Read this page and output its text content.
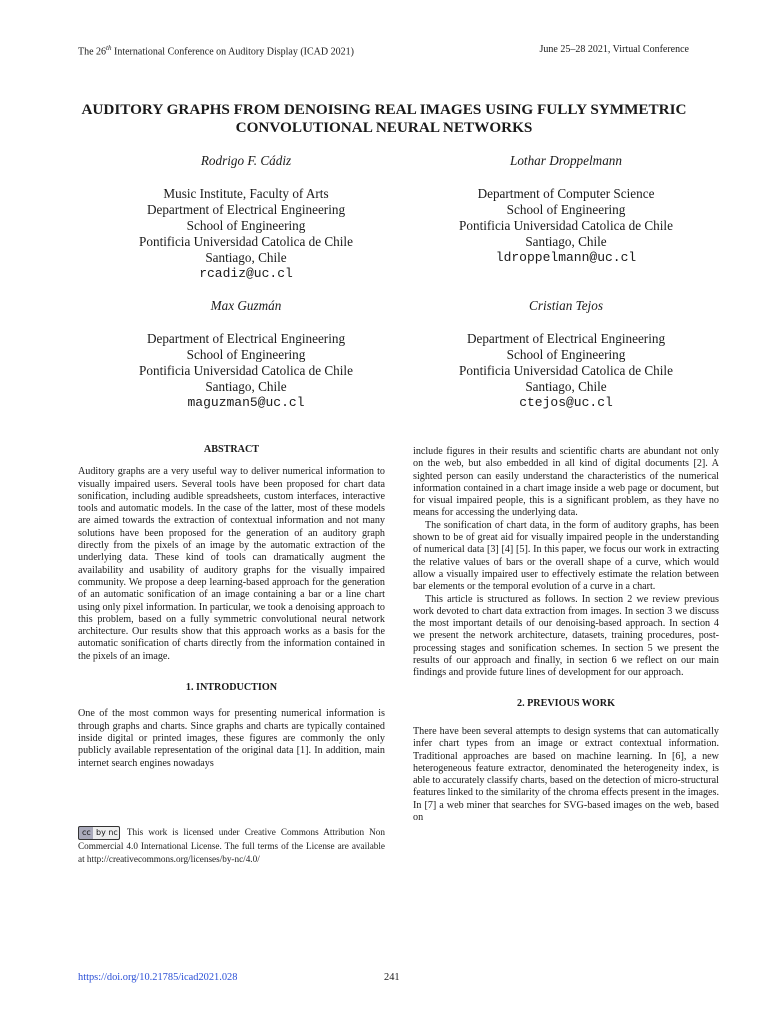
The 26th International Conference on Auditory Display (ICAD 2021)	June 25–28 2021, Virtual Conference
AUDITORY GRAPHS FROM DENOISING REAL IMAGES USING FULLY SYMMETRIC
CONVOLUTIONAL NEURAL NETWORKS
Rodrigo F. Cádiz
Music Institute, Faculty of Arts
Department of Electrical Engineering
School of Engineering
Pontificia Universidad Catolica de Chile
Santiago, Chile
rcadiz@uc.cl
Lothar Droppelmann
Department of Computer Science
School of Engineering
Pontificia Universidad Catolica de Chile
Santiago, Chile
ldroppelmann@uc.cl
Max Guzmán
Department of Electrical Engineering
School of Engineering
Pontificia Universidad Catolica de Chile
Santiago, Chile
maguzman5@uc.cl
Cristian Tejos
Department of Electrical Engineering
School of Engineering
Pontificia Universidad Catolica de Chile
Santiago, Chile
ctejos@uc.cl
ABSTRACT

Auditory graphs are a very useful way to deliver numerical information to visually impaired users. Several tools have been proposed for chart data sonification, including audible spreadsheets, custom interfaces, interactive tools and automatic models. In the case of the latter, most of these models are aimed towards the extraction of contextual information and not many solutions have been proposed for the generation of an auditory graph directly from the pixels of an image by the automatic extraction of the underlying data. These kind of tools can dramatically augment the availability and usability of auditory graphs for the visually impaired community. We propose a deep learning-based approach for the generation of an automatic sonification of an image containing a bar or a line chart using only pixel information. In particular, we took a denoising approach to this problem, based on a fully symmetric convolutional neural network architecture. Our results show that this approach works as a basis for the automatic sonification of charts directly from the information contained in the pixels of an image.

1. INTRODUCTION

One of the most common ways for presenting numerical information is through graphs and charts. Since graphs and charts are typically contained inside digital or printed images, these figures are commonly the only publicly available representation of the original data [1]. In addition, main internet search engines nowadays

cc by nc This work is licensed under Creative Commons Attribution Non Commercial 4.0 International License. The full terms of the License are available at http://creativecommons.org/licenses/by-nc/4.0/

include figures in their results and scientific charts are abundant not only on the web, but also embedded in all kind of digital documents [2]. A sighted person can easily understand the characteristics of the numerical information contained in a chart image inside a web page or document, but for visual impaired people, this is a significant problem, as they have no means for accessing the underlying data.

The sonification of chart data, in the form of auditory graphs, has been shown to be of great aid for visually impaired people in the understanding of numerical data [3] [4] [5]. In this paper, we focus our work in extracting the relative values of bars or the overall shape of a curve, which would allow a visually impaired user to effectively estimate the relation between bar elements or the temporal evolution of a curve in a chart.

This article is structured as follows. In section 2 we review previous work devoted to chart data extraction from images. In section 3 we discuss the most important details of our denoising-based approach. In section 4 we present the network architecture, datasets, training procedures, post-processing stages and sonification schemes. In section 5 we present the results of our approach and finally, in section 6 we reflect on our main findings and provide future lines of development for our approach.

2. PREVIOUS WORK

There have been several attempts to design systems that can automatically infer chart types from an image or extract contextual information. Traditional approaches are based on machine learning. In [6], a new heterogeneous feature extractor, denominated the heterogeneity index, is able to accurately classify charts, based on the detection of micro-structural features linked to the similarity of the chroma effects present in the images. In [7] a web miner that searches for SVG-based images on the web, based on

https://doi.org/10.21785/icad2021.028	241
